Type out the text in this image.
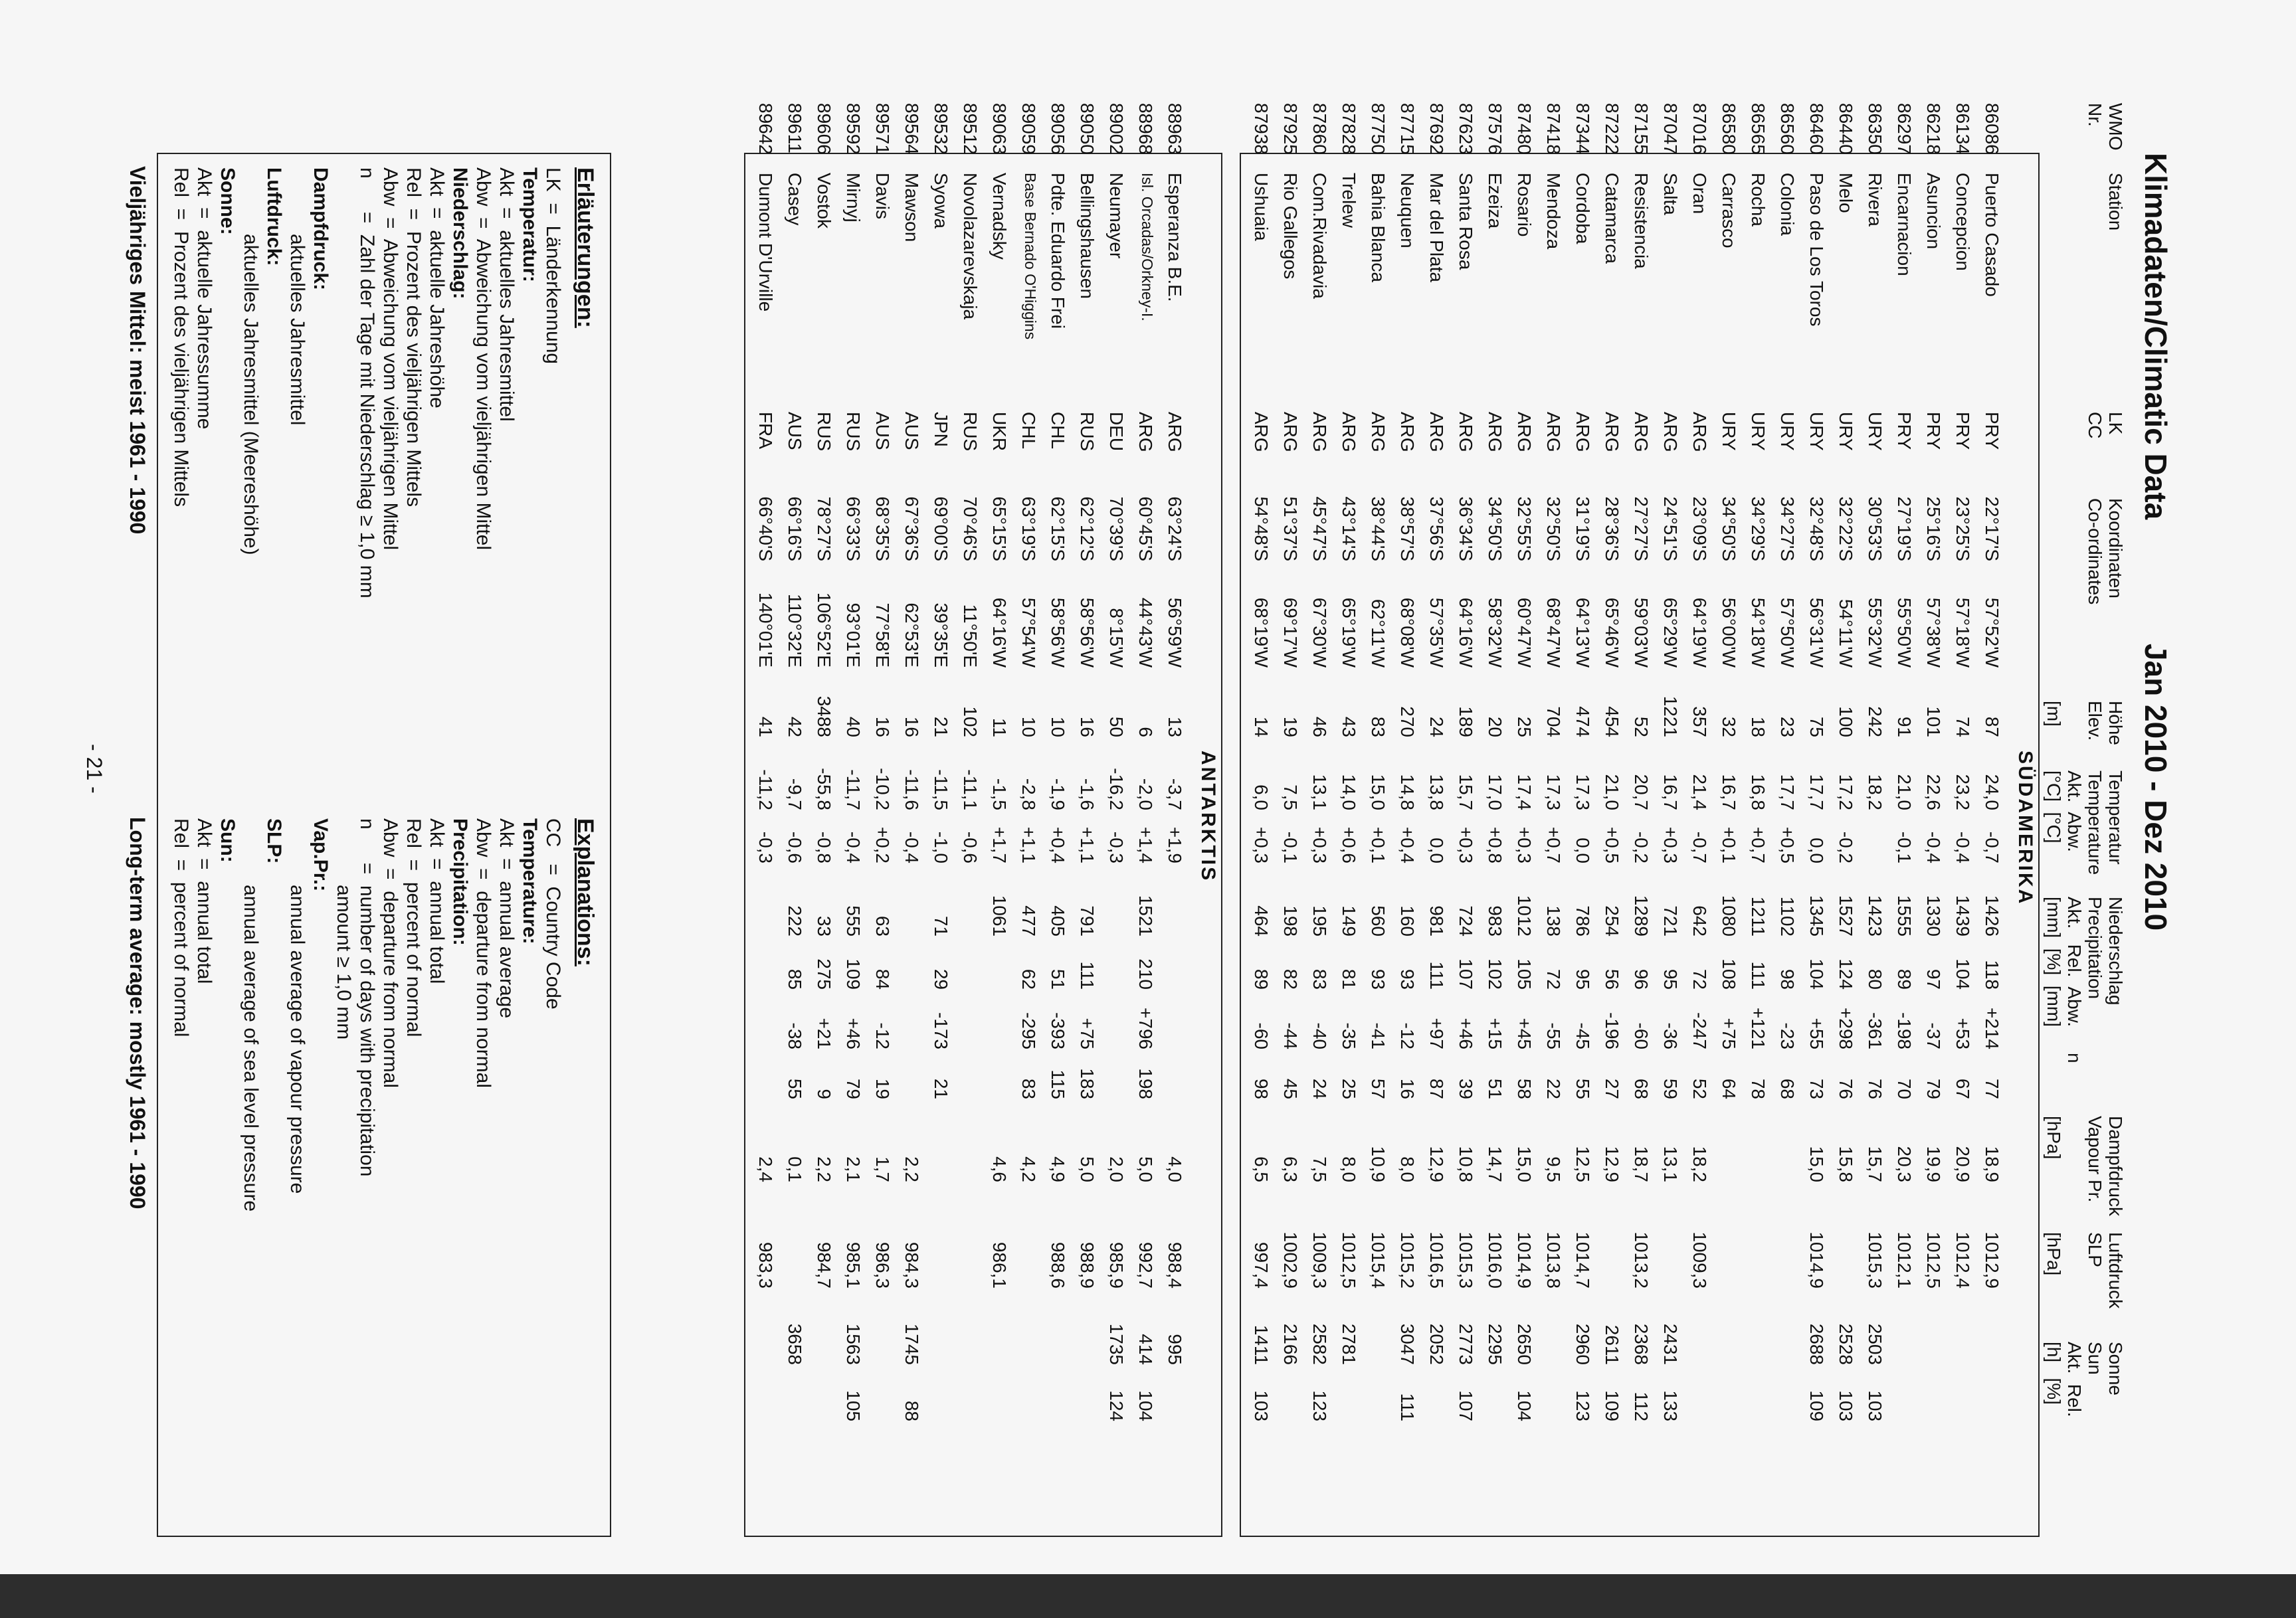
Klimadaten/Climatic Data
Jan 2010 - Dez 2010
WMO
Nr.
Station
LK
CC
Koordinaten
Co-ordinates
Höhe
Elev.

[m]
Temperatur
Temperature
Akt.  Abw.
[°C]  [°C]
Niederschlag
Precipitation
Akt.   Rel.  Abw.     n
[mm]  [%]  [mm]
Dampfdruck
Vapour Pr.

[hPa]
Luftdruck
SLP

[hPa]
Sonne
Sun
Akt.  Rel.
[h]   [%]
SÜDAMERIKA
86086
Puerto Casado
PRY
22°17'S
57°52'W
87
24,0
-0,7
1426
118
+214
77
18,9
1012,9
86134
Concepcion
PRY
23°25'S
57°18'W
74
23,2
-0,4
1439
104
+53
67
20,9
1012,4
86218
Asuncion
PRY
25°16'S
57°38'W
101
22,6
-0,4
1330
97
-37
79
19,9
1012,5
86297
Encarnacion
PRY
27°19'S
55°50'W
91
21,0
-0,1
1555
89
-198
70
20,3
1012,1
86350
Rivera
URY
30°53'S
55°32'W
242
18,2
1423
80
-361
76
15,7
1015,3
2503
103
86440
Melo
URY
32°22'S
54°11'W
100
17,2
-0,2
1527
124
+298
76
15,8
2528
103
86460
Paso de Los Toros
URY
32°48'S
56°31'W
75
17,7
0,0
1345
104
+55
73
15,0
1014,9
2688
109
86560
Colonia
URY
34°27'S
57°50'W
23
17,7
+0,5
1102
98
-23
68
86565
Rocha
URY
34°29'S
54°18'W
18
16,8
+0,7
1211
111
+121
78
86580
Carrasco
URY
34°50'S
56°00'W
32
16,7
+0,1
1080
108
+75
64
87016
Oran
ARG
23°09'S
64°19'W
357
21,4
-0,7
642
72
-247
52
18,2
1009,3
87047
Salta
ARG
24°51'S
65°29'W
1221
16,7
+0,3
721
95
-36
59
13,1
2431
133
87155
Resistencia
ARG
27°27'S
59°03'W
52
20,7
-0,2
1289
96
-60
68
18,7
1013,2
2368
112
87222
Catamarca
ARG
28°36'S
65°46'W
454
21,0
+0,5
254
56
-196
27
12,9
2611
109
87344
Cordoba
ARG
31°19'S
64°13'W
474
17,3
0,0
786
95
-45
55
12,5
1014,7
2960
123
87418
Mendoza
ARG
32°50'S
68°47'W
704
17,3
+0,7
138
72
-55
22
9,5
1013,8
87480
Rosario
ARG
32°55'S
60°47'W
25
17,4
+0,3
1012
105
+45
58
15,0
1014,9
2650
104
87576
Ezeiza
ARG
34°50'S
58°32'W
20
17,0
+0,8
983
102
+15
51
14,7
1016,0
2295
87623
Santa Rosa
ARG
36°34'S
64°16'W
189
15,7
+0,3
724
107
+46
39
10,8
1015,3
2773
107
87692
Mar del Plata
ARG
37°56'S
57°35'W
24
13,8
0,0
981
111
+97
87
12,9
1016,5
2052
87715
Neuquen
ARG
38°57'S
68°08'W
270
14,8
+0,4
160
93
-12
16
8,0
1015,2
3047
111
87750
Bahia Blanca
ARG
38°44'S
62°11'W
83
15,0
+0,1
560
93
-41
57
10,9
1015,4
87828
Trelew
ARG
43°14'S
65°19'W
43
14,0
+0,6
149
81
-35
25
8,0
1012,5
2781
87860
Com.Rivadavia
ARG
45°47'S
67°30'W
46
13,1
+0,3
195
83
-40
24
7,5
1009,3
2582
123
87925
Rio Gallegos
ARG
51°37'S
69°17'W
19
7,5
-0,1
198
82
-44
45
6,3
1002,9
2166
87938
Ushuaia
ARG
54°48'S
68°19'W
14
6,0
+0,3
464
89
-60
98
6,5
997,4
1411
103
ANTARKTIS
88963
Esperanza B.E.
ARG
63°24'S
56°59'W
13
-3,7
+1,9
4,0
988,4
995
88968
Isl. Orcadas/Orkney-I.
ARG
60°45'S
44°43'W
6
-2,0
+1,4
1521
210
+796
198
5,0
992,7
414
104
89002
Neumayer
DEU
70°39'S
8°15'W
50
-16,2
-0,3
2,0
985,9
1735
124
89050
Bellingshausen
RUS
62°12'S
58°56'W
16
-1,6
+1,1
791
111
+75
183
5,0
988,9
89056
Pdte. Eduardo Frei
CHL
62°15'S
58°56'W
10
-1,9
+0,4
405
51
-393
115
4,9
988,6
89059
Base Bernado O'Higgins
CHL
63°19'S
57°54'W
10
-2,8
+1,1
477
62
-295
83
4,2
89063
Vernadsky
UKR
65°15'S
64°16'W
11
-1,5
+1,7
1061
4,6
986,1
89512
Novolazarevskaja
RUS
70°46'S
11°50'E
102
-11,1
-0,6
89532
Syowa
JPN
69°00'S
39°35'E
21
-11,5
-1,0
71
29
-173
21
89564
Mawson
AUS
67°36'S
62°53'E
16
-11,6
-0,4
2,2
984,3
1745
88
89571
Davis
AUS
68°35'S
77°58'E
16
-10,2
+0,2
63
84
-12
19
1,7
986,3
89592
Mirnyj
RUS
66°33'S
93°01'E
40
-11,7
-0,4
555
109
+46
79
2,1
985,1
1563
105
89606
Vostok
RUS
78°27'S
106°52'E
3488
-55,8
-0,8
33
275
+21
9
2,2
984,7
89611
Casey
AUS
66°16'S
110°32'E
42
-9,7
-0,6
222
85
-38
55
0,1
3658
89642
Dumont D'Urville
FRA
66°40'S
140°01'E
41
-11,2
-0,3
2,4
983,3
Erläuterungen:
LK  =  Länderkennung
Temperatur:
Akt  =  aktuelles Jahresmittel
Abw  =  Abweichung vom vieljährigen Mittel
Niederschlag:
Akt  =  aktuelle Jahreshöhe
Rel  =  Prozent des vieljährigen Mittels
Abw  =  Abweichung vom vieljährigen Mittel
n      =  Zahl der Tage mit Niederschlag ≥ 1,0 mm

Dampfdruck:
aktuelles Jahresmittel
Luftdruck:
aktuelles Jahresmittel (Meereshöhe)
Sonne:
Akt  =  aktuelle Jahressumme
Rel  =  Prozent des vieljährigen Mittels
Explanations:
CC   =  Country Code
Temperature:
Akt  =  annual average
Abw  =  departure from normal
Precipitation:
Akt  =  annual total
Rel  =  percent of normal
Abw  =  departure from normal
n      =  number of days with precipitation
amount ≥ 1,0 mm
Vap.Pr.:
annual average of vapour pressure
SLP:
annual average of sea level pressure
Sun:
Akt  =  annual total
Rel  =  percent of normal
Vieljähriges Mittel: meist 1961 - 1990
Long-term average: mostly 1961 - 1990
- 21 -
